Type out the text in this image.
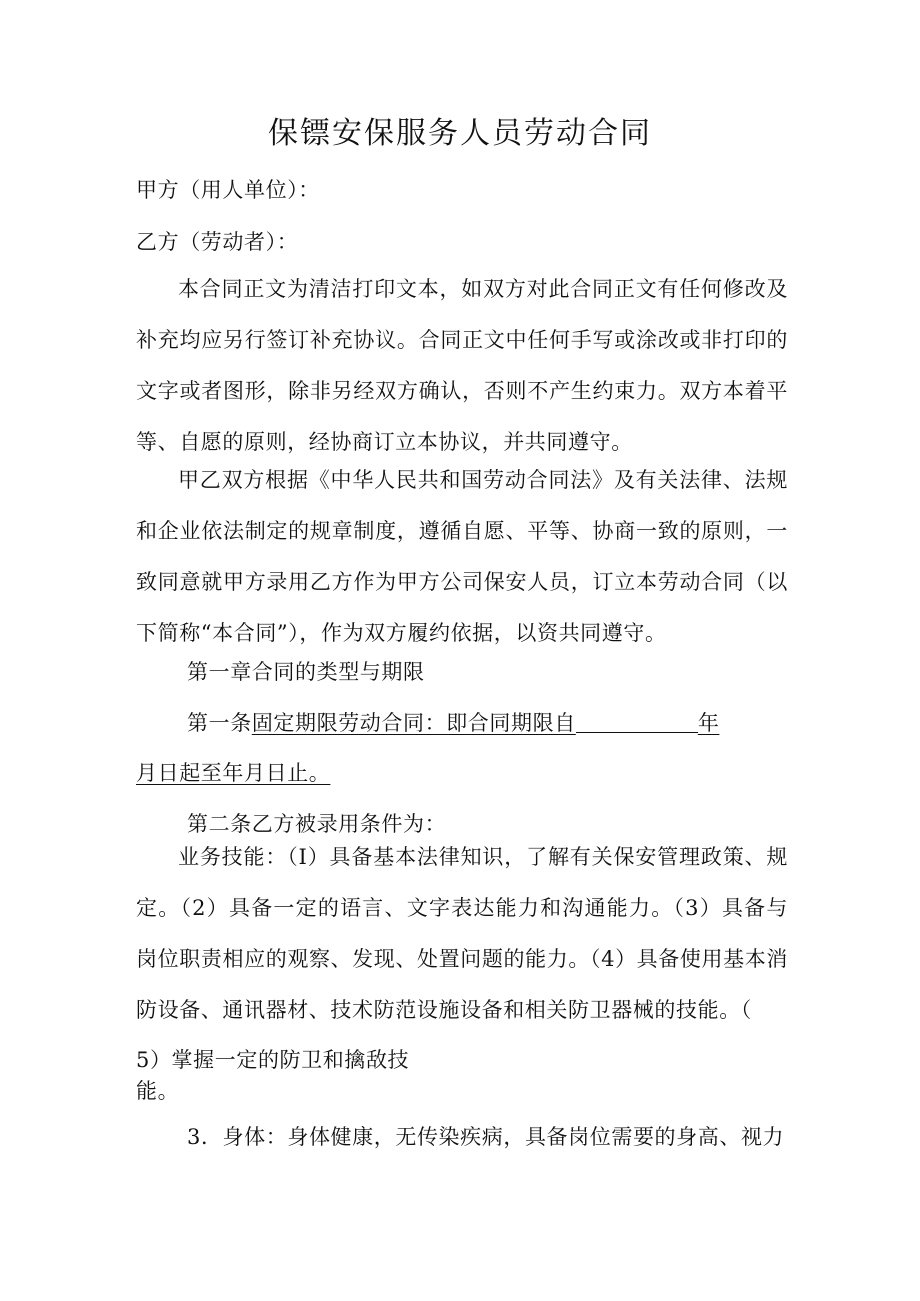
保镖安保服务人员劳动合同
甲方（用人单位）：
乙方（劳动者）：
本合同正文为清洁打印文本，如双方对此合同正文有任何修改及补充均应另行签订补充协议。合同正文中任何手写或涂改或非打印的文字或者图形，除非另经双方确认，否则不产生约束力。双方本着平等、自愿的原则，经协商订立本协议，并共同遵守。
甲乙双方根据《中华人民共和国劳动合同法》及有关法律、法规和企业依法制定的规章制度，遵循自愿、平等、协商一致的原则，一致同意就甲方录用乙方作为甲方公司保安人员，订立本劳动合同（以下简称“本合同”），作为双方履约依据，以资共同遵守。
第一章合同的类型与期限
第一条固定期限劳动合同：即合同期限自	年
月日起至年月日止。
第二条乙方被录用条件为：
业务技能：（I）具备基本法律知识，了解有关保安管理政策、规定。（2）具备一定的语言、文字表达能力和沟通能力。（3）具备与岗位职责相应的观察、发现、处置问题的能力。（4）具备使用基本消防设备、通讯器材、技术防范设施设备和相关防卫器械的技能。（
5）掌握一定的防卫和擒敌技
能。
3．身体：身体健康，无传染疾病，具备岗位需要的身高、视力
